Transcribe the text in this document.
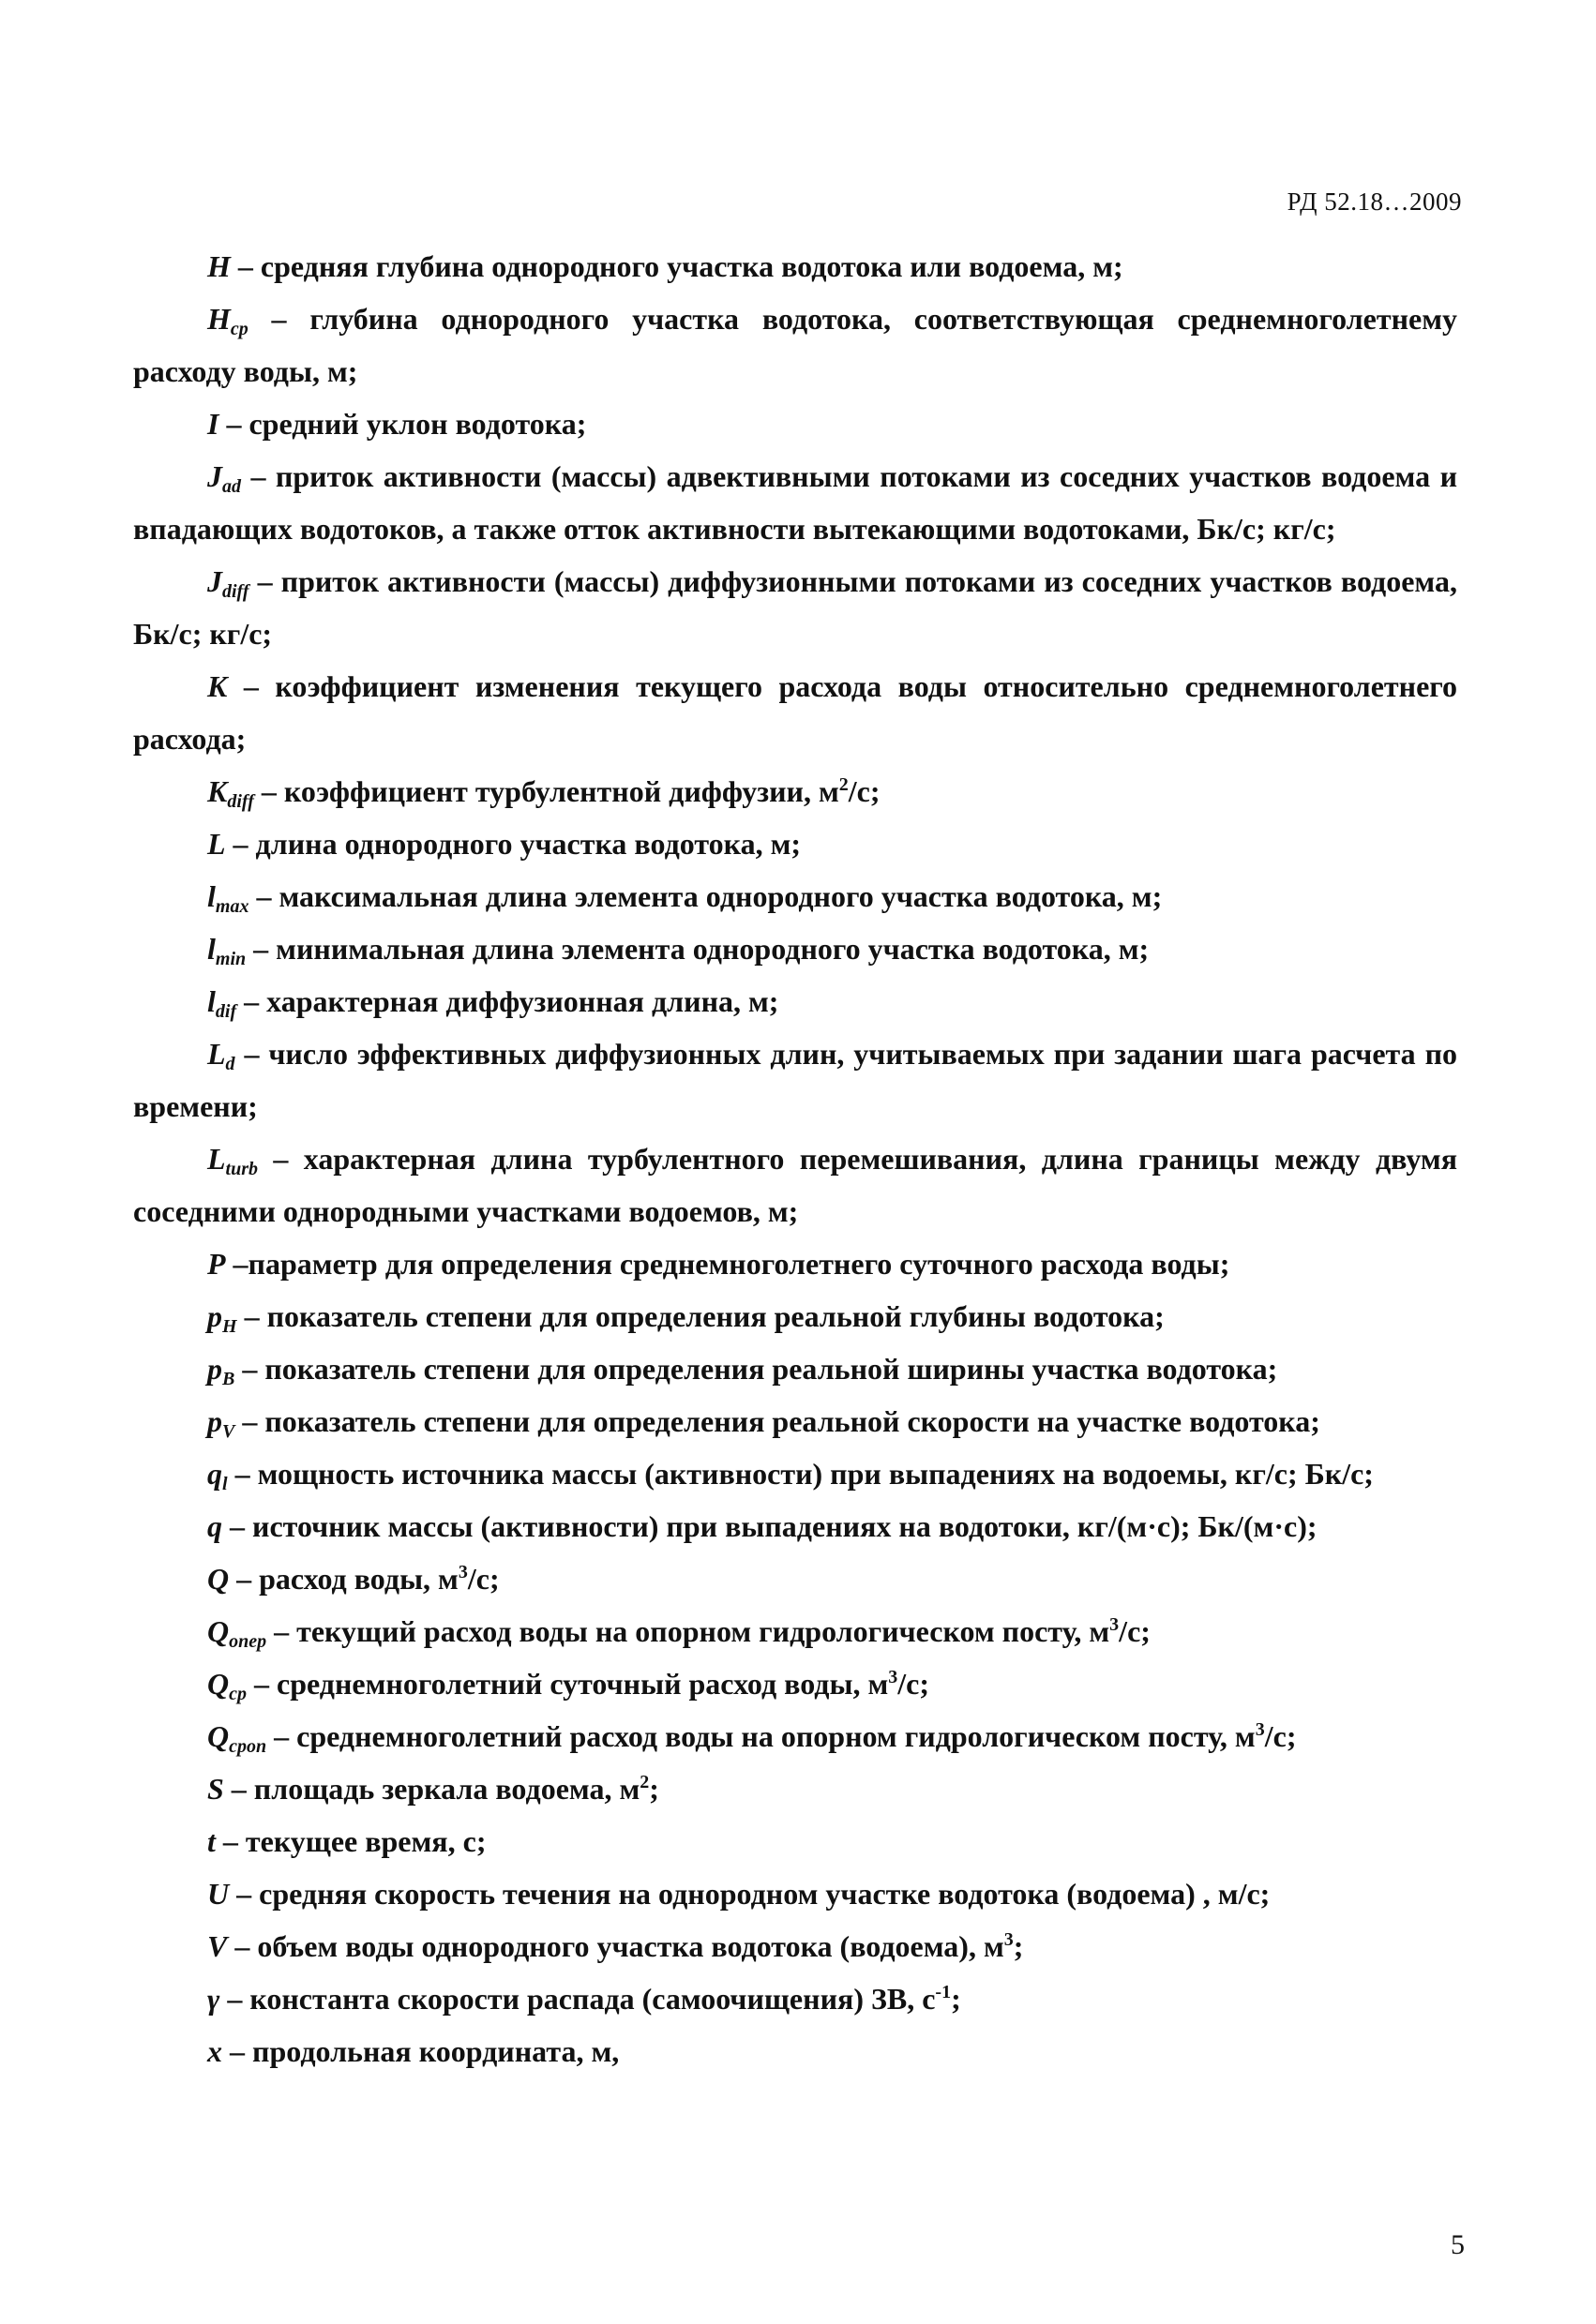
РД 52.18…2009

H – средняя глубина однородного участка водотока или водоема, м;

$H_{ср}$ – глубина однородного участка водотока, соответствующая среднемноголетнему расходу воды, м;

I – средний уклон водотока;

$J_{ad}$ – приток активности (массы) адвективными потоками из соседних участков водоема и впадающих водотоков, а также отток активности вытекающими водотоками, Бк/с; кг/с;

$J_{diff}$ – приток активности (массы) диффузионными потоками из соседних участков водоема, Бк/с; кг/с;

K – коэффициент изменения текущего расхода воды относительно среднемноголетнего расхода;

$K_{diff}$ – коэффициент турбулентной диффузии, $м^2/с$;

L – длина однородного участка водотока, м;

$l_{max}$ – максимальная длина элемента однородного участка водотока, м;

$l_{min}$ – минимальная длина элемента однородного участка водотока, м;

$l_{dif}$ – характерная диффузионная длина, м;

$L_d$ – число эффективных диффузионных длин, учитываемых при задании шага расчета по времени;

$L_{turb}$ – характерная длина турбулентного перемешивания, длина границы между двумя соседними однородными участками водоемов, м;

P –параметр для определения среднемноголетнего суточного расхода воды;

$p_H$ – показатель степени для определения реальной глубины водотока;

$p_B$ – показатель степени для определения реальной ширины участка водотока;

$p_V$ – показатель степени для определения реальной скорости на участке водотока;

$q_l$ – мощность источника массы (активности) при выпадениях на водоемы, кг/с; Бк/с;

q – источник массы (активности) при выпадениях на водотоки, кг/(м·с); Бк/(м·с);

Q – расход воды, $м^3/с$;

$Q_{опер}$ – текущий расход воды на опорном гидрологическом посту, $м^3/с$;

$Q_{ср}$ – среднемноголетний суточный расход воды, $м^3/с$;

$Q_{срon}$ – среднемноголетний расход воды на опорном гидрологическом посту, $м^3/с$;

S – площадь зеркала водоема, $м^2$;

t – текущее время, с;

U – средняя скорость течения на однородном участке водотока (водоема) , м/с;

V – объем воды однородного участка водотока (водоема), $м^3$;

γ – константа скорости распада (самоочищения) ЗВ, $с^{-1}$;

x – продольная координата, м,

5
